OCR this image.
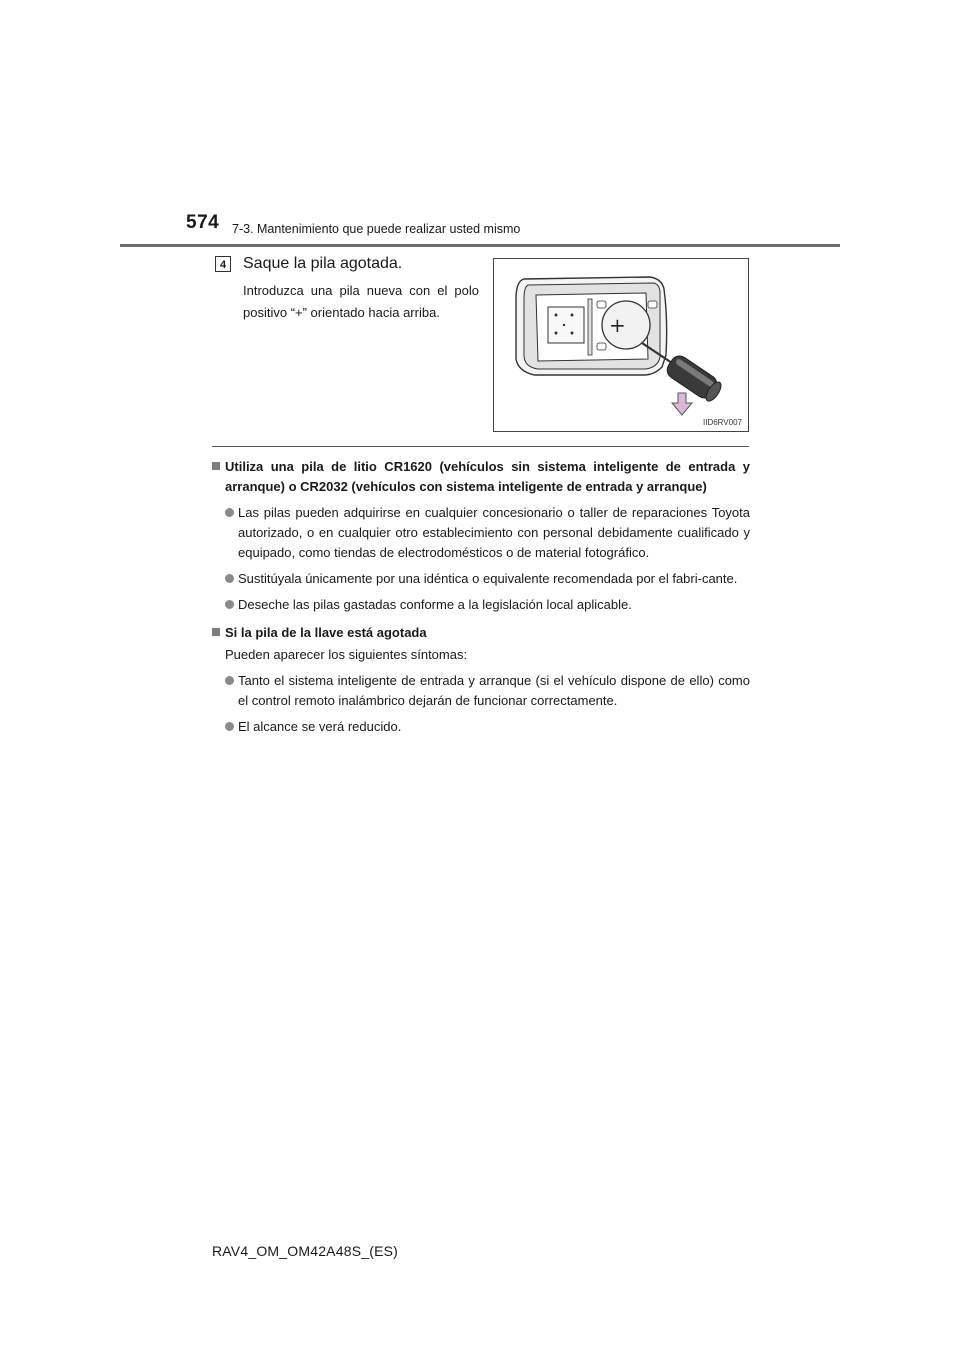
574 7-3. Mantenimiento que puede realizar usted mismo
4	Saque la pila agotada.
Introduzca una pila nueva con el polo positivo “+” orientado hacia arriba.
+
IID6RV007
Utiliza una pila de litio CR1620 (vehículos sin sistema inteligente de entrada y arranque) o CR2032 (vehículos con sistema inteligente de entrada y arranque)
Las pilas pueden adquirirse en cualquier concesionario o taller de reparaciones Toyota autorizado, o en cualquier otro establecimiento con personal debidamente cualificado y equipado, como tiendas de electrodomésticos o de material fotográfico.
Sustitúyala únicamente por una idéntica o equivalente recomendada por el fabri-cante.
Deseche las pilas gastadas conforme a la legislación local aplicable.
Si la pila de la llave está agotada
Pueden aparecer los siguientes síntomas:
Tanto el sistema inteligente de entrada y arranque (si el vehículo dispone de ello) como el control remoto inalámbrico dejarán de funcionar correctamente.
El alcance se verá reducido.
RAV4_OM_OM42A48S_(ES)
